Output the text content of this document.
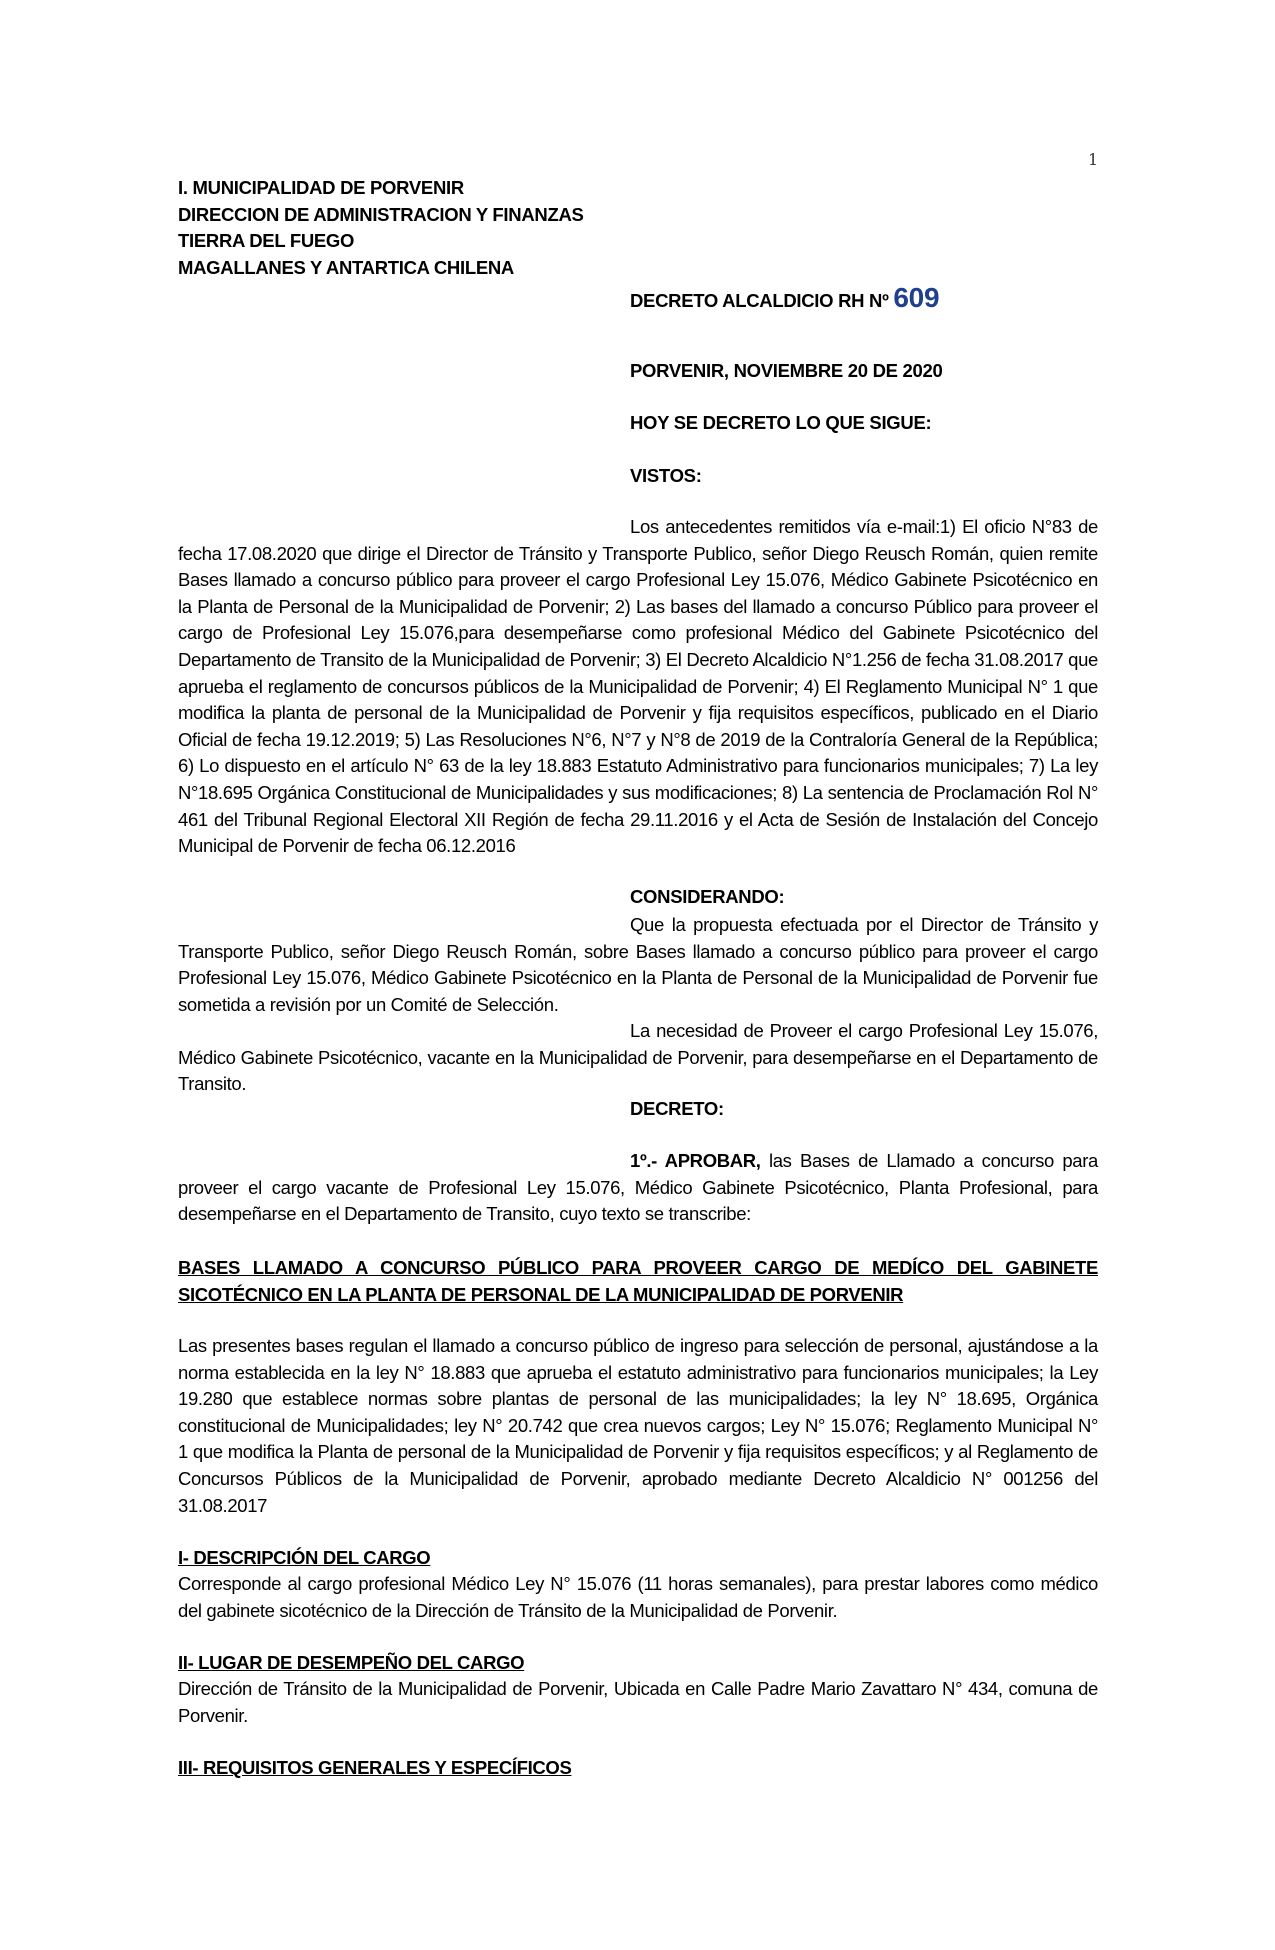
1
I. MUNICIPALIDAD DE PORVENIR
DIRECCION DE ADMINISTRACION Y FINANZAS
TIERRA DEL FUEGO
MAGALLANES Y ANTARTICA CHILENA
DECRETO ALCALDICIO RH Nº 609
PORVENIR, NOVIEMBRE 20 DE 2020
HOY SE DECRETO LO QUE SIGUE:
VISTOS:
Los antecedentes remitidos vía e-mail:1) El oficio N°83 de fecha 17.08.2020 que dirige el Director de Tránsito y Transporte Publico, señor Diego Reusch Román, quien remite Bases llamado a concurso público para proveer el cargo Profesional Ley 15.076, Médico Gabinete Psicotécnico en la Planta de Personal de la Municipalidad de Porvenir; 2) Las bases del llamado a concurso Público para proveer el cargo de Profesional Ley 15.076,para desempeñarse como profesional Médico del Gabinete Psicotécnico del Departamento de Transito de la Municipalidad de Porvenir; 3) El Decreto Alcaldicio N°1.256 de fecha 31.08.2017 que aprueba el reglamento de concursos públicos de la Municipalidad de Porvenir; 4) El Reglamento Municipal N° 1 que modifica la planta de personal de la Municipalidad de Porvenir y fija requisitos específicos, publicado en el Diario Oficial de fecha 19.12.2019; 5) Las Resoluciones N°6, N°7 y N°8 de 2019 de la Contraloría General de la República; 6) Lo dispuesto en el artículo N° 63 de la ley 18.883 Estatuto Administrativo para funcionarios municipales; 7) La ley N°18.695 Orgánica Constitucional de Municipalidades y sus modificaciones; 8) La sentencia de Proclamación Rol N° 461 del Tribunal Regional Electoral XII Región de fecha 29.11.2016 y el Acta de Sesión de Instalación del Concejo Municipal de Porvenir de fecha 06.12.2016
CONSIDERANDO:
Que la propuesta efectuada por el Director de Tránsito y Transporte Publico, señor Diego Reusch Román, sobre Bases llamado a concurso público para proveer el cargo Profesional Ley 15.076, Médico Gabinete Psicotécnico en la Planta de Personal de la Municipalidad de Porvenir fue sometida a revisión por un Comité de Selección.
La necesidad de Proveer el cargo Profesional Ley 15.076, Médico Gabinete Psicotécnico, vacante en la Municipalidad de Porvenir, para desempeñarse en el Departamento de Transito.
DECRETO:
1º.- APROBAR, las Bases de Llamado a concurso para proveer el cargo vacante de Profesional Ley 15.076, Médico Gabinete Psicotécnico, Planta Profesional, para desempeñarse en el Departamento de Transito, cuyo texto se transcribe:
BASES LLAMADO A CONCURSO PÚBLICO PARA PROVEER CARGO DE MEDÍCO DEL GABINETE SICOTÉCNICO EN LA PLANTA DE PERSONAL DE LA MUNICIPALIDAD DE PORVENIR
Las presentes bases regulan el llamado a concurso público de ingreso para selección de personal, ajustándose a la norma establecida en la ley N° 18.883 que aprueba el estatuto administrativo para funcionarios municipales; la Ley 19.280 que establece normas sobre plantas de personal de las municipalidades; la ley N° 18.695, Orgánica constitucional de Municipalidades; ley N° 20.742 que crea nuevos cargos; Ley N° 15.076; Reglamento Municipal N° 1 que modifica la Planta de personal de la Municipalidad de Porvenir y fija requisitos específicos; y al Reglamento de Concursos Públicos de la Municipalidad de Porvenir, aprobado mediante Decreto Alcaldicio N° 001256 del 31.08.2017
I- DESCRIPCIÓN DEL CARGO
Corresponde al cargo profesional Médico Ley N° 15.076 (11 horas semanales), para prestar labores como médico del gabinete sicotécnico de la Dirección de Tránsito de la Municipalidad de Porvenir.
II- LUGAR DE DESEMPEÑO DEL CARGO
Dirección de Tránsito de la Municipalidad de Porvenir, Ubicada en Calle Padre Mario Zavattaro N° 434, comuna de Porvenir.
III- REQUISITOS GENERALES Y ESPECÍFICOS
